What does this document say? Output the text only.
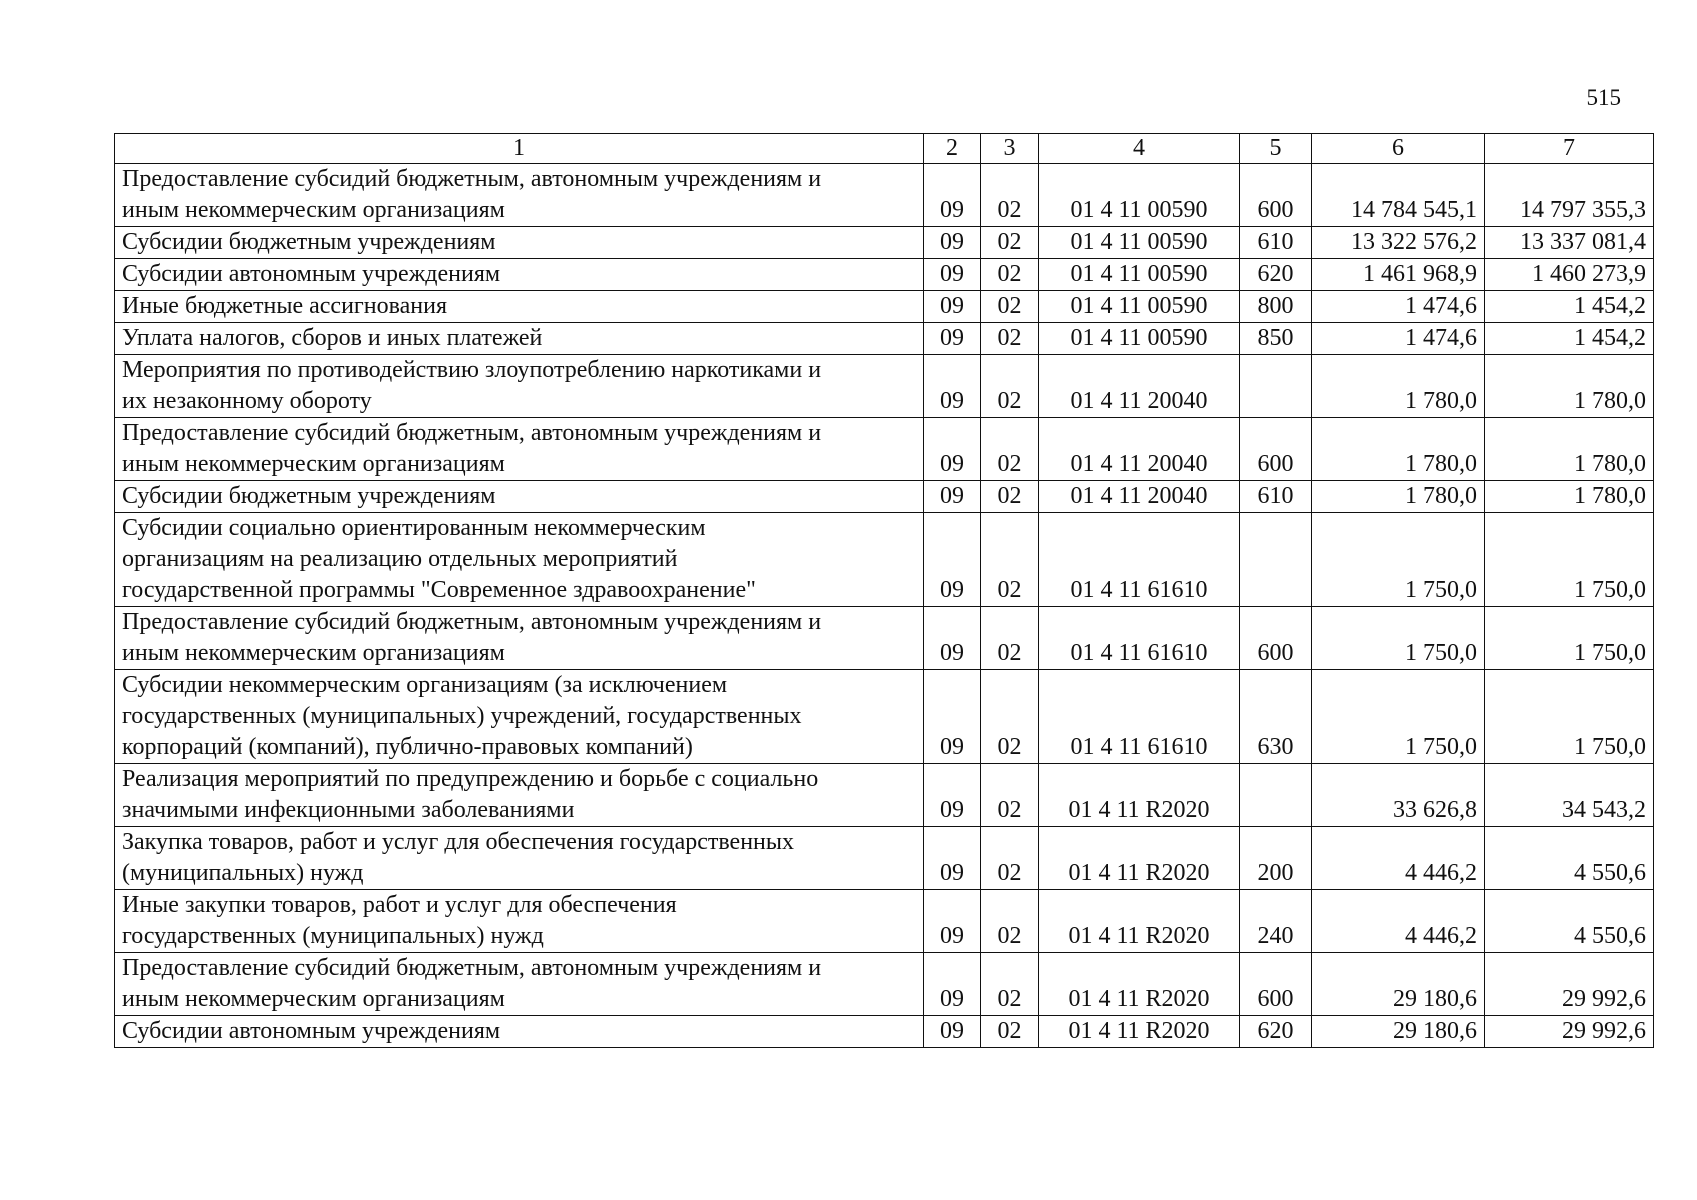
515
1	2	3	4	5	6	7
Предоставление субсидий бюджетным, автономным учреждениям и
иным некоммерческим организациям	09	02	01 4 11 00590	600	14 784 545,1	14 797 355,3
Субсидии бюджетным учреждениям	09	02	01 4 11 00590	610	13 322 576,2	13 337 081,4
Субсидии автономным учреждениям	09	02	01 4 11 00590	620	1 461 968,9	1 460 273,9
Иные бюджетные ассигнования	09	02	01 4 11 00590	800	1 474,6	1 454,2
Уплата налогов, сборов и иных платежей	09	02	01 4 11 00590	850	1 474,6	1 454,2
Мероприятия по противодействию злоупотреблению наркотиками и
их незаконному обороту	09	02	01 4 11 20040		1 780,0	1 780,0
Предоставление субсидий бюджетным, автономным учреждениям и
иным некоммерческим организациям	09	02	01 4 11 20040	600	1 780,0	1 780,0
Субсидии бюджетным учреждениям	09	02	01 4 11 20040	610	1 780,0	1 780,0
Субсидии социально ориентированным некоммерческим
организациям на реализацию отдельных мероприятий
государственной программы "Современное здравоохранение"	09	02	01 4 11 61610		1 750,0	1 750,0
Предоставление субсидий бюджетным, автономным учреждениям и
иным некоммерческим организациям	09	02	01 4 11 61610	600	1 750,0	1 750,0
Субсидии некоммерческим организациям (за исключением
государственных (муниципальных) учреждений, государственных
корпораций (компаний), публично-правовых компаний)	09	02	01 4 11 61610	630	1 750,0	1 750,0
Реализация мероприятий по предупреждению и борьбе с социально
значимыми инфекционными заболеваниями	09	02	01 4 11 R2020		33 626,8	34 543,2
Закупка товаров, работ и услуг для обеспечения государственных
(муниципальных) нужд	09	02	01 4 11 R2020	200	4 446,2	4 550,6
Иные закупки товаров, работ и услуг для обеспечения
государственных (муниципальных) нужд	09	02	01 4 11 R2020	240	4 446,2	4 550,6
Предоставление субсидий бюджетным, автономным учреждениям и
иным некоммерческим организациям	09	02	01 4 11 R2020	600	29 180,6	29 992,6
Субсидии автономным учреждениям	09	02	01 4 11 R2020	620	29 180,6	29 992,6
